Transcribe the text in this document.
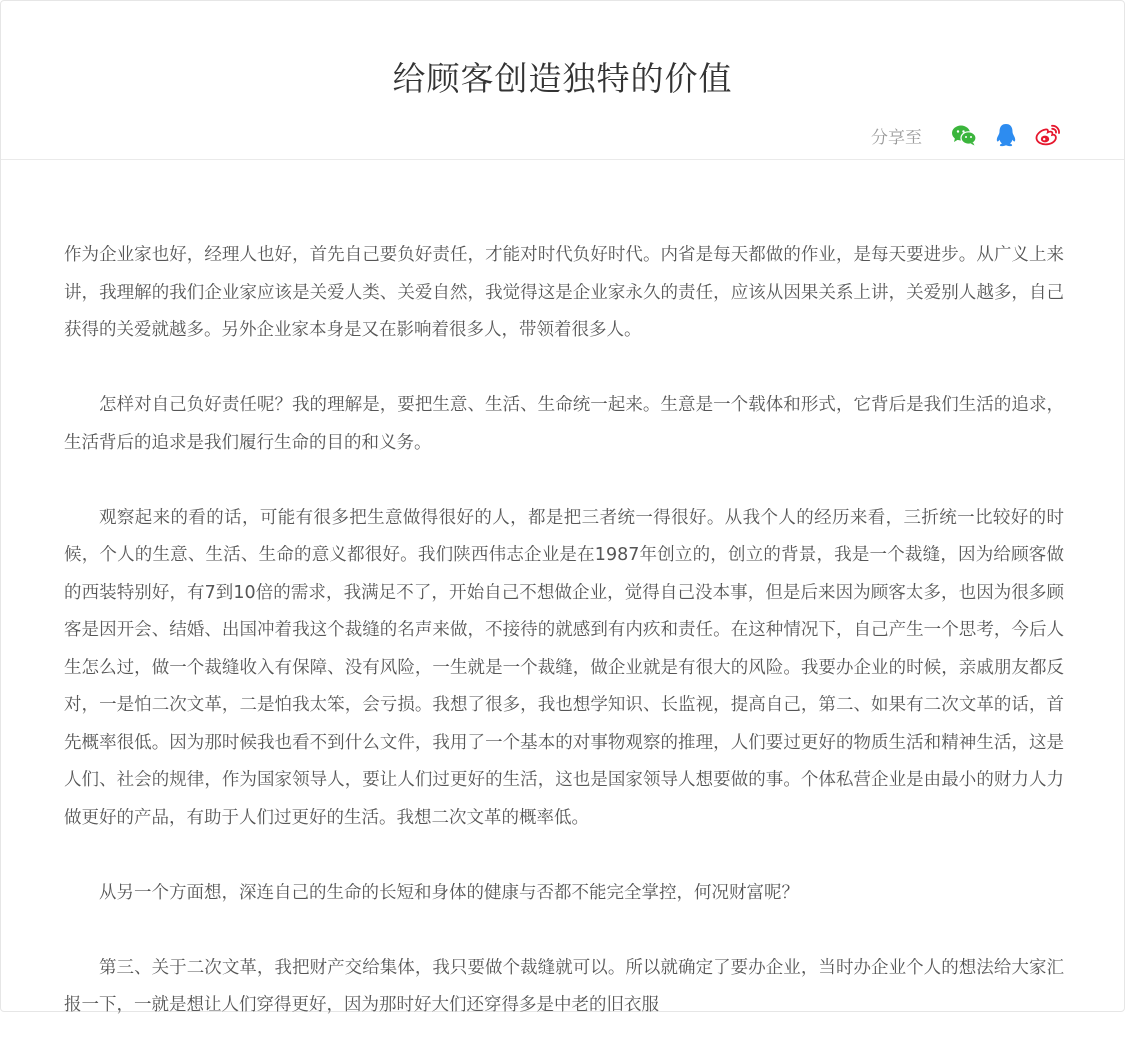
给顾客创造独特的价值
分享至

作为企业家也好，经理人也好，首先自己要负好责任，才能对时代负好时代。内省是每天都做的作业，是每天要进步。从广义上来讲，我理解的我们企业家应该是关爱人类、关爱自然，我觉得这是企业家永久的责任，应该从因果关系上讲，关爱别人越多，自己获得的关爱就越多。另外企业家本身是又在影响着很多人，带领着很多人。

怎样对自己负好责任呢？我的理解是，要把生意、生活、生命统一起来。生意是一个载体和形式，它背后是我们生活的追求，生活背后的追求是我们履行生命的目的和义务。

观察起来的看的话，可能有很多把生意做得很好的人，都是把三者统一得很好。从我个人的经历来看，三折统一比较好的时候，个人的生意、生活、生命的意义都很好。我们陕西伟志企业是在1987年创立的，创立的背景，我是一个裁缝，因为给顾客做的西装特别好，有7到10倍的需求，我满足不了，开始自己不想做企业，觉得自己没本事，但是后来因为顾客太多，也因为很多顾客是因开会、结婚、出国冲着我这个裁缝的名声来做，不接待的就感到有内疚和责任。在这种情况下，自己产生一个思考，今后人生怎么过，做一个裁缝收入有保障、没有风险，一生就是一个裁缝，做企业就是有很大的风险。我要办企业的时候，亲戚朋友都反对，一是怕二次文革，二是怕我太笨，会亏损。我想了很多，我也想学知识、长监视，提高自己，第二、如果有二次文革的话，首先概率很低。因为那时候我也看不到什么文件，我用了一个基本的对事物观察的推理，人们要过更好的物质生活和精神生活，这是人们、社会的规律，作为国家领导人，要让人们过更好的生活，这也是国家领导人想要做的事。个体私营企业是由最小的财力人力做更好的产品，有助于人们过更好的生活。我想二次文革的概率低。

从另一个方面想，深连自己的生命的长短和身体的健康与否都不能完全掌控，何况财富呢？

第三、关于二次文革，我把财产交给集体，我只要做个裁缝就可以。所以就确定了要办企业，当时办企业个人的想法给大家汇报一下，一就是想让人们穿得更好，因为那时好大们还穿得多是中老的旧衣服
